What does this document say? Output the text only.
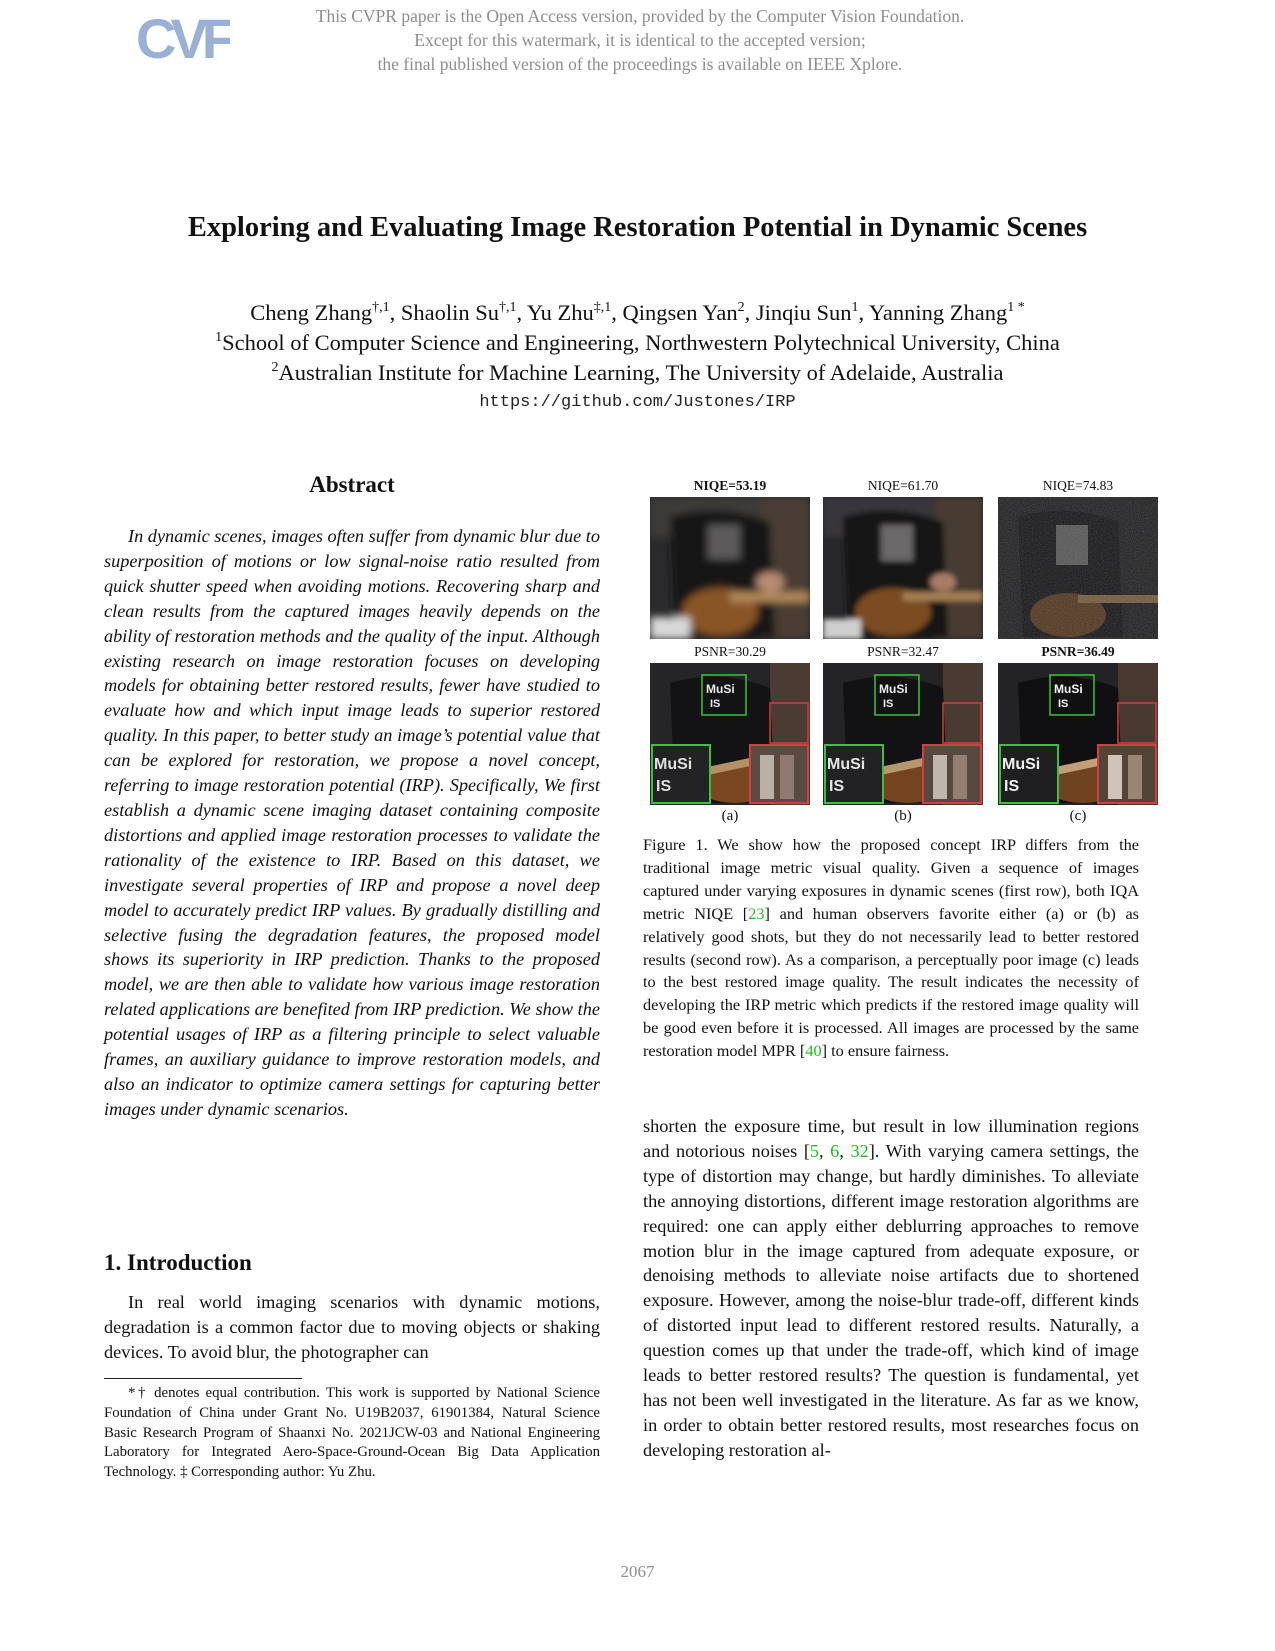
CVF	This CVPR paper is the Open Access version, provided by the Computer Vision Foundation.
Except for this watermark, it is identical to the accepted version;
the final published version of the proceedings is available on IEEE Xplore.
Exploring and Evaluating Image Restoration Potential in Dynamic Scenes
Cheng Zhang$^{\dagger,1}$, Shaolin $Su^{\dagger,1}$, Yu Zhu$^{\ddagger,1}$, Qingsen Yan$^2$, Jinqiu Sun$^1$, Yanning Zhang$^{1 *}$
$^1$School of Computer Science and Engineering, Northwestern Polytechnical University, China
$^2$Australian Institute for Machine Learning, The University of Adelaide, Australia
https://github.com/Justones/IRP
Abstract
In dynamic scenes, images often suffer from dynamic blur due to superposition of motions or low signal-noise ratio resulted from quick shutter speed when avoiding motions. Recovering sharp and clean results from the captured images heavily depends on the ability of restoration methods and the quality of the input. Although existing research on image restoration focuses on developing models for obtaining better restored results, fewer have studied to evaluate how and which input image leads to superior restored quality. In this paper, to better study an image’s potential value that can be explored for restoration, we propose a novel concept, referring to image restoration potential (IRP). Specifically, We first establish a dynamic scene imaging dataset containing composite distortions and applied image restoration processes to validate the rationality of the existence to IRP. Based on this dataset, we investigate several properties of IRP and propose a novel deep model to accurately predict IRP values. By gradually distilling and selective fusing the degradation features, the proposed model shows its superiority in IRP prediction. Thanks to the proposed model, we are then able to validate how various image restoration related applications are benefited from IRP prediction. We show the potential usages of IRP as a filtering principle to select valuable frames, an auxiliary guidance to improve restoration models, and also an indicator to optimize camera settings for capturing better images under dynamic scenarios.
1. Introduction
In real world imaging scenarios with dynamic motions, degradation is a common factor due to moving objects or shaking devices. To avoid blur, the photographer can
*† denotes equal contribution. This work is supported by National Science Foundation of China under Grant No. U19B2037, 61901384, Natural Science Basic Research Program of Shaanxi No. 2021JCW-03 and National Engineering Laboratory for Integrated Aero-Space-Ground-Ocean Big Data Application Technology. ‡ Corresponding author: Yu Zhu.
NIQE=53.19	NIQE=61.70	NIQE=74.83
PSNR=30.29	PSNR=32.47	PSNR=36.49
MuSi
IS
MuSi
IS
MuSi
IS
MuSi
IS
MuSi
IS
MuSi
IS
(a)	(b)	(c)
Figure 1. We show how the proposed concept IRP differs from the traditional image metric visual quality. Given a sequence of images captured under varying exposures in dynamic scenes (first row), both IQA metric NIQE [23] and human observers favorite either (a) or (b) as relatively good shots, but they do not necessarily lead to better restored results (second row). As a comparison, a perceptually poor image (c) leads to the best restored image quality. The result indicates the necessity of developing the IRP metric which predicts if the restored image quality will be good even before it is processed. All images are processed by the same restoration model MPR [40] to ensure fairness.
shorten the exposure time, but result in low illumination regions and notorious noises [5, 6, 32]. With varying camera settings, the type of distortion may change, but hardly diminishes. To alleviate the annoying distortions, different image restoration algorithms are required: one can apply either deblurring approaches to remove motion blur in the image captured from adequate exposure, or denoising methods to alleviate noise artifacts due to shortened exposure. However, among the noise-blur trade-off, different kinds of distorted input lead to different restored results. Naturally, a question comes up that under the trade-off, which kind of image leads to better restored results? The question is fundamental, yet has not been well investigated in the literature. As far as we know, in order to obtain better restored results, most researches focus on developing restoration al-
2067
